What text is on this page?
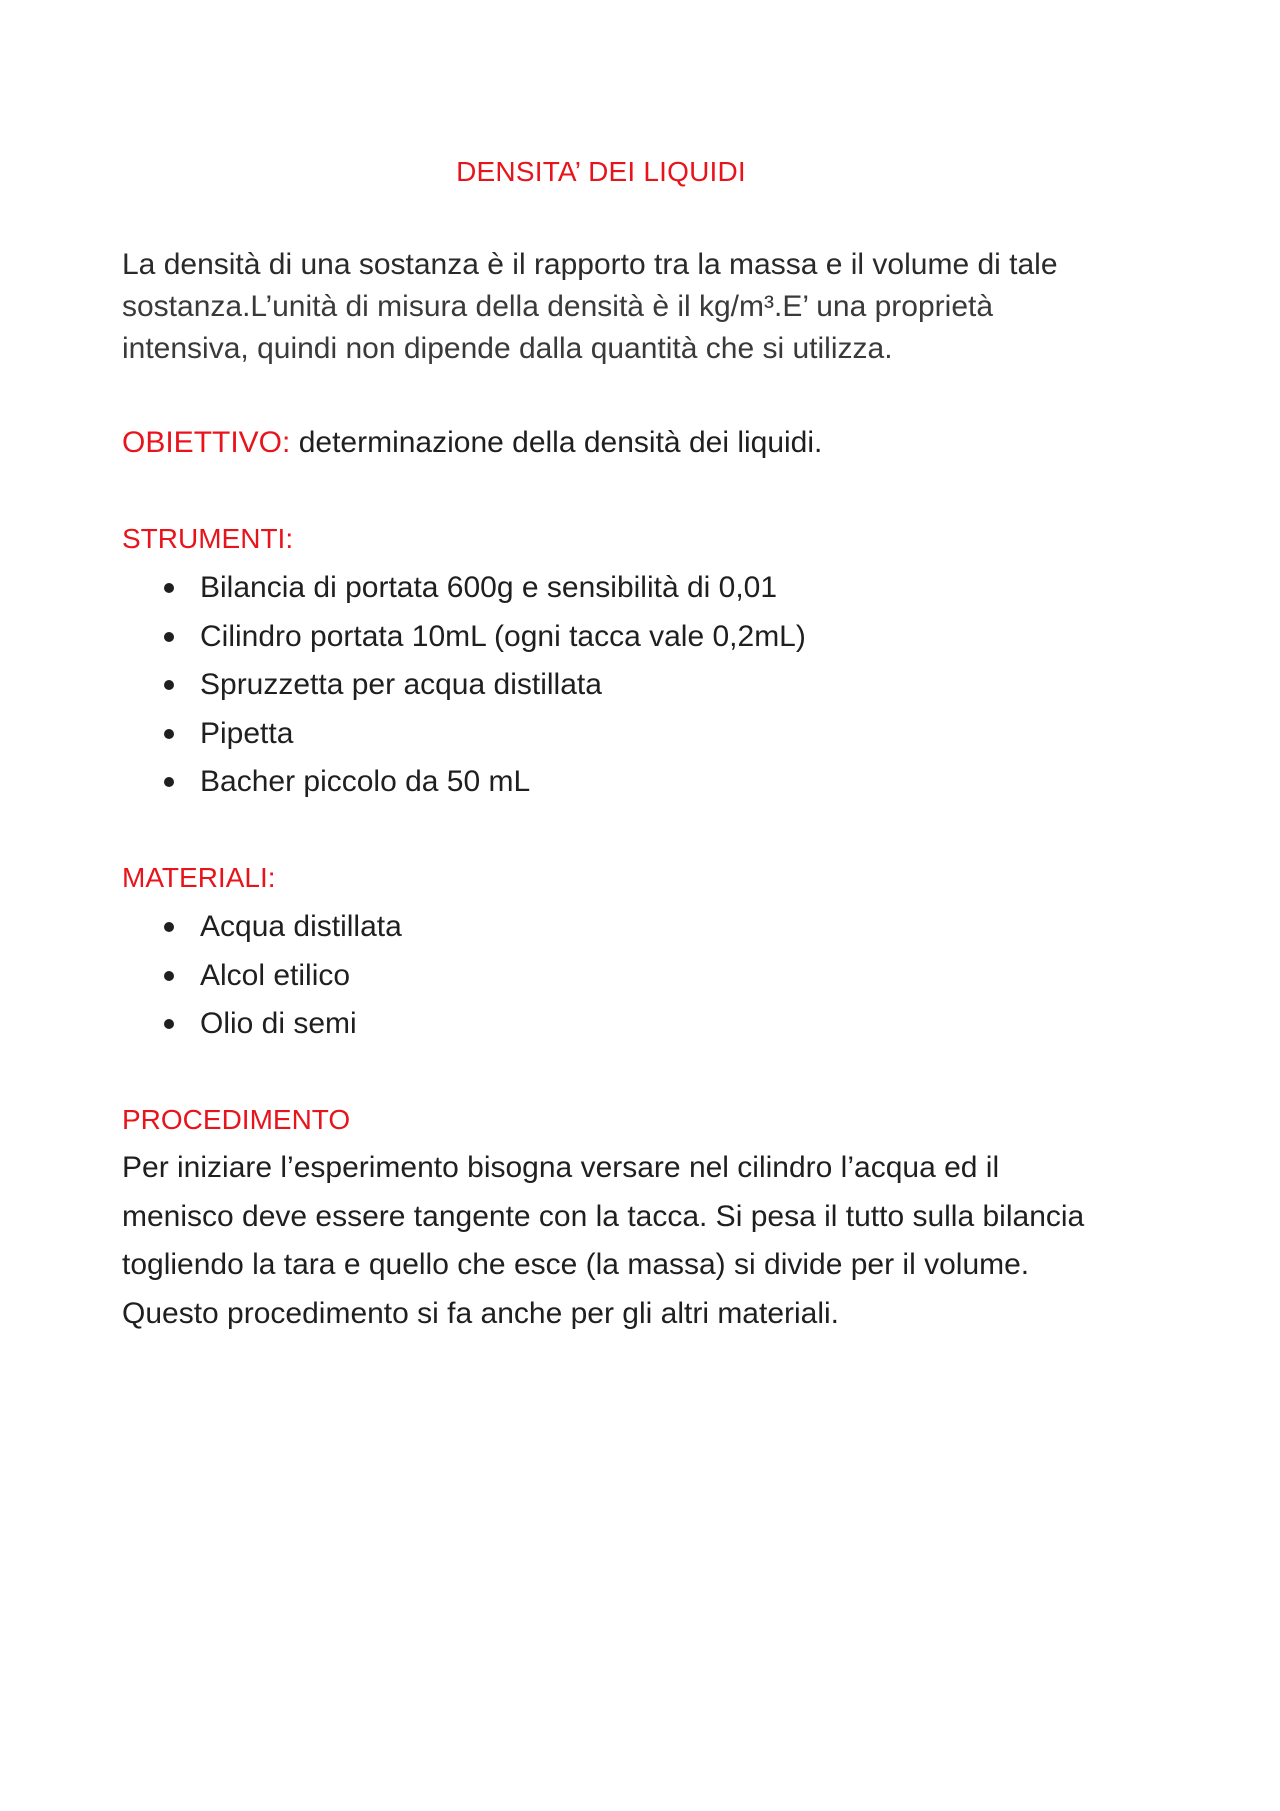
DENSITA’ DEI LIQUIDI
La densità di una sostanza è il rapporto tra la massa e il volume di tale
sostanza.L’unità di misura della densità è il kg/m³.E’ una proprietà
intensiva, quindi non dipende dalla quantità che si utilizza.
OBIETTIVO: determinazione della densità dei liquidi.
STRUMENTI:
Bilancia di portata 600g e sensibilità di 0,01
Cilindro portata 10mL (ogni tacca vale 0,2mL)
Spruzzetta per acqua distillata
Pipetta
Bacher piccolo da 50 mL
MATERIALI:
Acqua distillata
Alcol etilico
Olio di semi
PROCEDIMENTO
Per iniziare l’esperimento bisogna versare nel cilindro l’acqua ed il
menisco deve essere tangente con la tacca. Si pesa il tutto sulla bilancia
togliendo la tara e quello che esce (la massa) si divide per il volume.
Questo procedimento si fa anche per gli altri materiali.
